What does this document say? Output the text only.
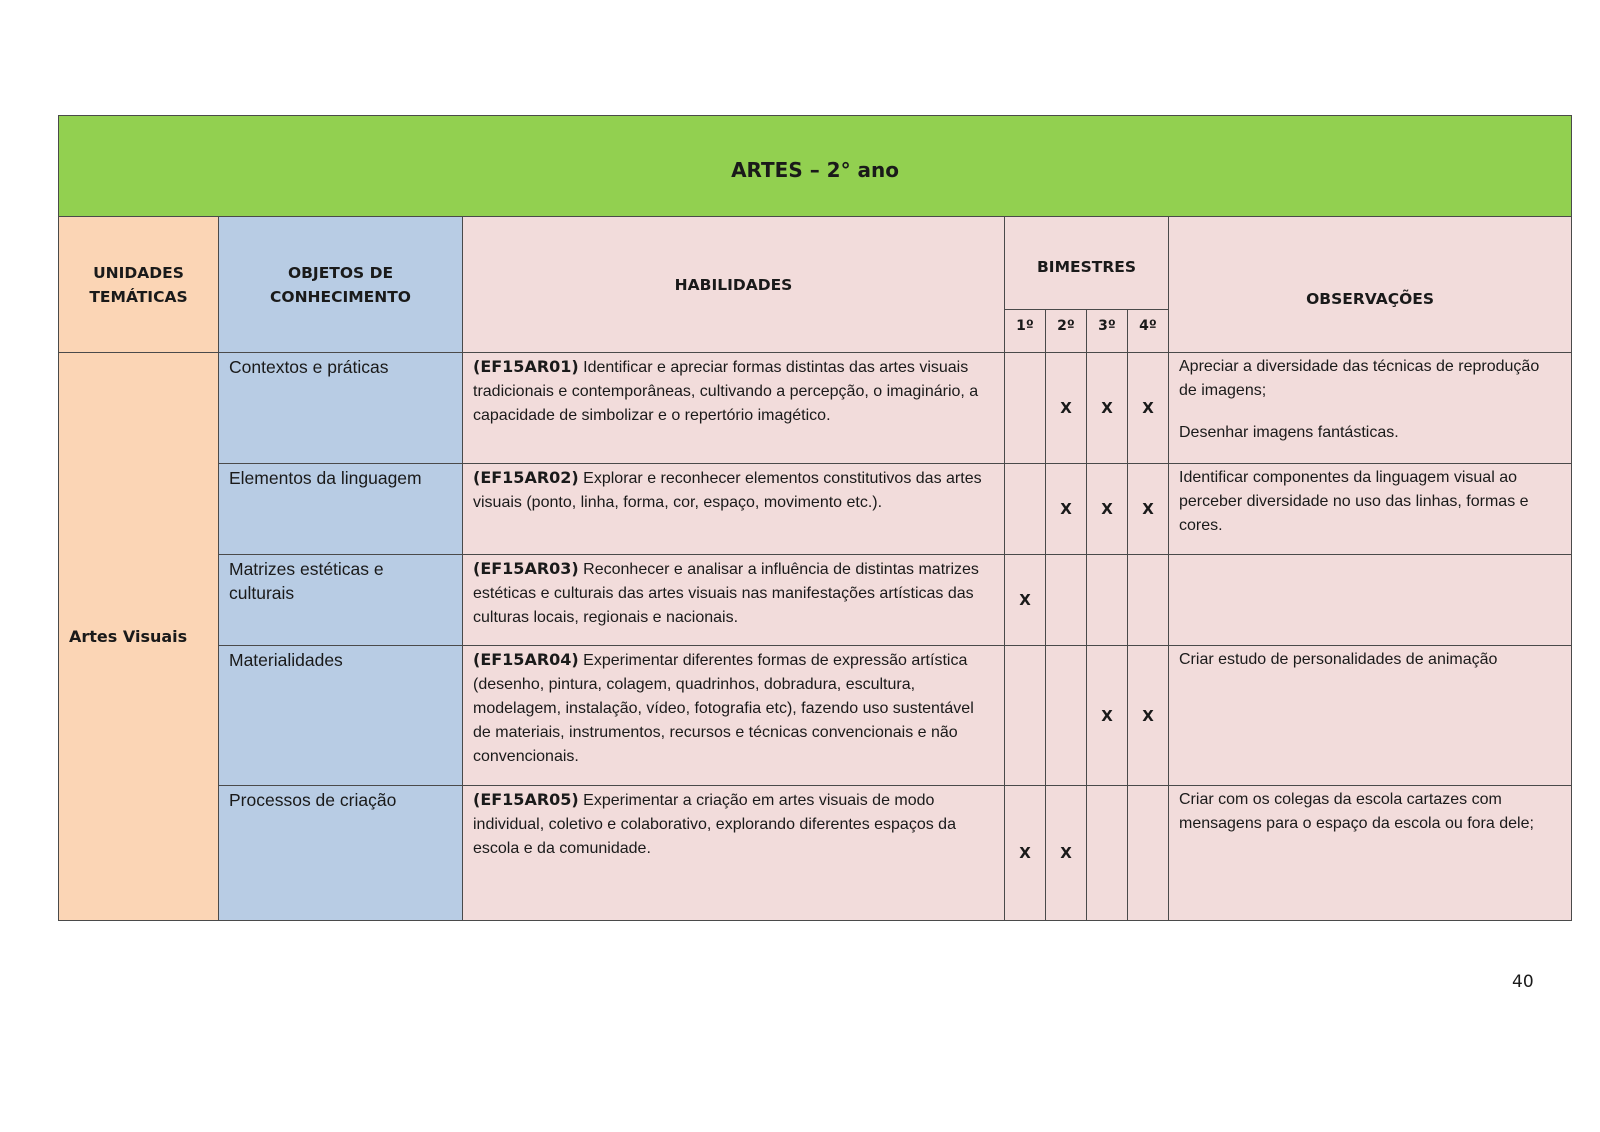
ARTES – 2° ano							
UNIDADES TEMÁTICAS	OBJETOS DE CONHECIMENTO	HABILIDADES	BIMESTRES				OBSERVAÇÕES
			1º	2º	3º	4º	
Artes Visuais	Contextos e práticas	(EF15AR01) Identificar e apreciar formas distintas das artes visuais tradicionais e contemporâneas, cultivando a percepção, o imaginário, a capacidade de simbolizar e o repertório imagético.		X	X	X	Apreciar a diversidade das técnicas de reprodução de imagens;

Desenhar imagens fantásticas.

	Elementos da linguagem	(EF15AR02) Explorar e reconhecer elementos constitutivos das artes visuais (ponto, linha, forma, cor, espaço, movimento etc.).		X	X	X	Identificar componentes da linguagem visual ao perceber diversidade no uso das linhas, formas e cores.

	Matrizes estéticas e culturais	(EF15AR03) Reconhecer e analisar a influência de distintas matrizes estéticas e culturais das artes visuais nas manifestações artísticas das culturas locais, regionais e nacionais.	X				
	Materialidades	(EF15AR04) Experimentar diferentes formas de expressão artística (desenho, pintura, colagem, quadrinhos, dobradura, escultura, modelagem, instalação, vídeo, fotografia etc), fazendo uso sustentável de materiais, instrumentos, recursos e técnicas convencionais e não convencionais.			X	X	Criar estudo de personalidades de animação

	Processos de criação	(EF15AR05) Experimentar a criação em artes visuais de modo individual, coletivo e colaborativo, explorando diferentes espaços da escola e da comunidade.	X	X			Criar com os colegas da escola cartazes com mensagens para o espaço da escola ou fora dele;

40
